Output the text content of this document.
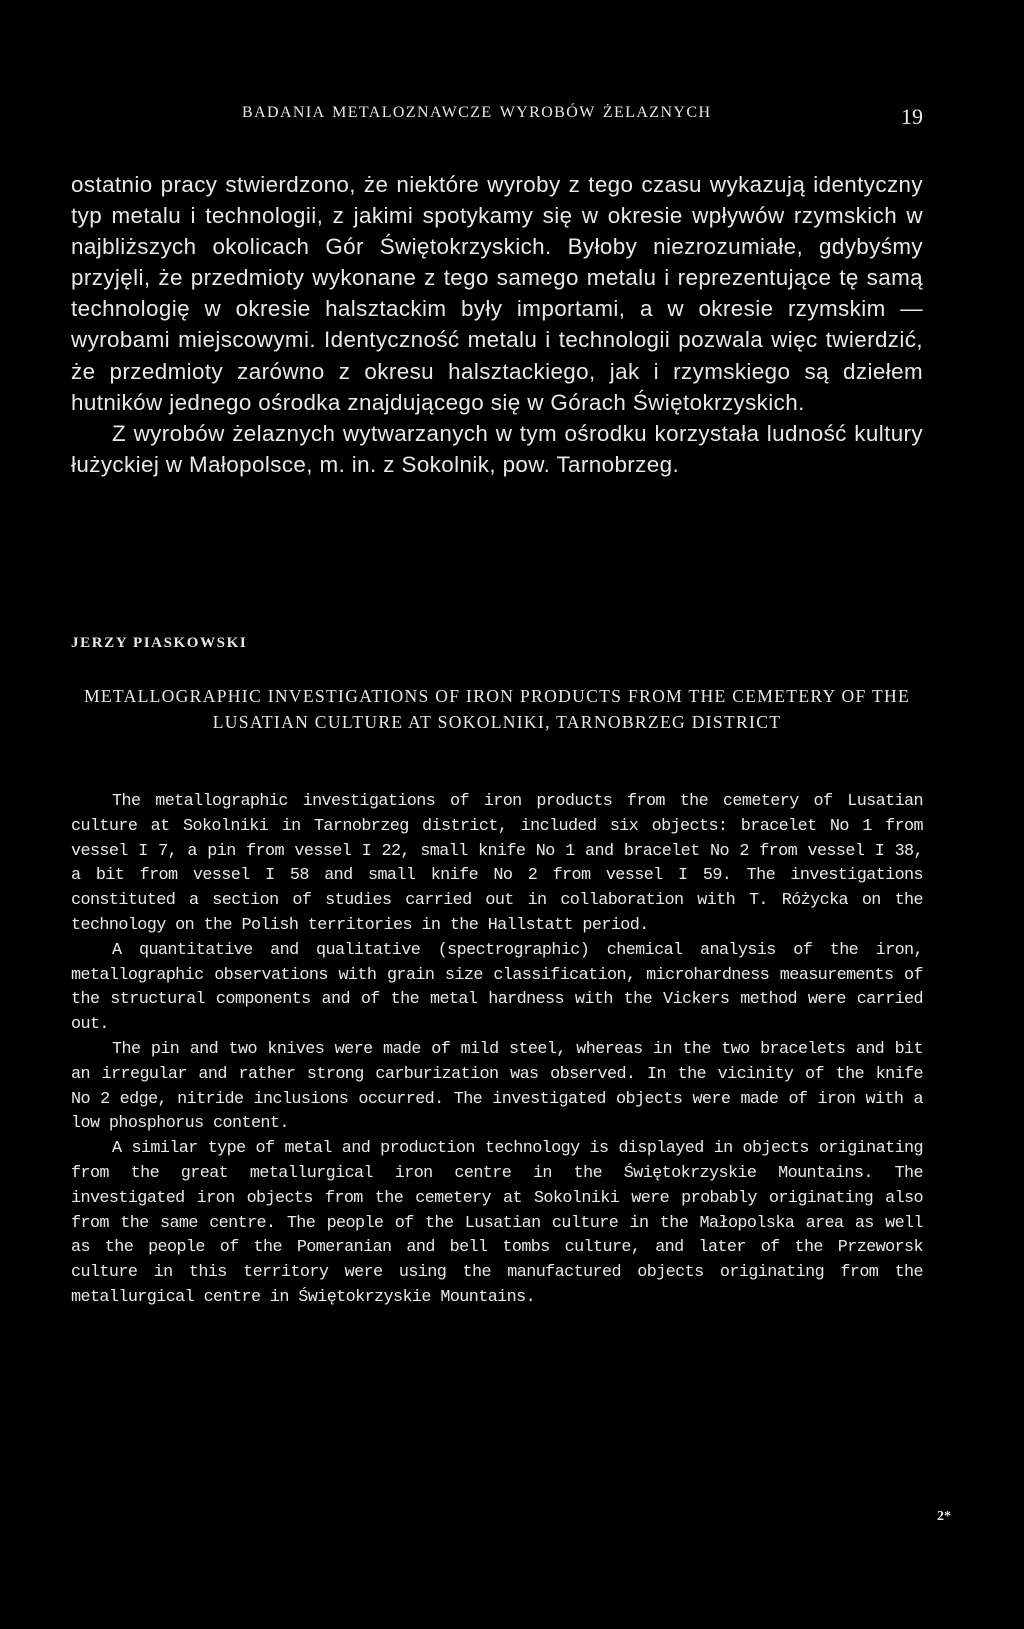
BADANIA METALOZNAWCZE WYROBÓW ŻELAZNYCH	19

ostatnio pracy stwierdzono, że niektóre wyroby z tego czasu wykazują identyczny typ metalu i technologii, z jakimi spotykamy się w okresie wpływów rzymskich w najbliższych okolicach Gór Świętokrzyskich. Byłoby niezrozumiałe, gdybyśmy przyjęli, że przedmioty wykonane z tego samego metalu i reprezentujące tę samą technologię w okresie halsztackim były importami, a w okresie rzymskim — wyrobami miejscowymi. Identyczność metalu i technologii pozwala więc twierdzić, że przedmioty zarówno z okresu halsztackiego, jak i rzymskiego są dziełem hutników jednego ośrodka znajdującego się w Górach Świętokrzyskich.

Z wyrobów żelaznych wytwarzanych w tym ośrodku korzystała ludność kultury łużyckiej w Małopolsce, m. in. z Sokolnik, pow. Tarnobrzeg.

JERZY PIASKOWSKI
METALLOGRAPHIC INVESTIGATIONS OF IRON PRODUCTS FROM THE CEMETERY OF THE LUSATIAN CULTURE AT SOKOLNIKI, TARNOBRZEG DISTRICT

The metallographic investigations of iron products from the cemetery of Lusatian culture at Sokolniki in Tarnobrzeg district, included six objects: bracelet No 1 from vessel I 7, a pin from vessel I 22, small knife No 1 and bracelet No 2 from vessel I 38, a bit from vessel I 58 and small knife No 2 from vessel I 59. The investigations constituted a section of studies carried out in collaboration with T. Różycka on the technology on the Polish territories in the Hallstatt period.

A quantitative and qualitative (spectrographic) chemical analysis of the iron, metallographic observations with grain size classification, microhardness measurements of the structural components and of the metal hardness with the Vickers method were carried out.

The pin and two knives were made of mild steel, whereas in the two bracelets and bit an irregular and rather strong carburization was observed. In the vicinity of the knife No 2 edge, nitride inclusions occurred. The investigated objects were made of iron with a low phosphorus content.

A similar type of metal and production technology is displayed in objects originating from the great metallurgical iron centre in the Świętokrzyskie Mountains. The investigated iron objects from the cemetery at Sokolniki were probably originating also from the same centre. The people of the Lusatian culture in the Małopolska area as well as the people of the Pomeranian and bell tombs culture, and later of the Przeworsk culture in this territory were using the manufactured objects originating from the metallurgical centre in Świętokrzyskie Mountains.

2*
